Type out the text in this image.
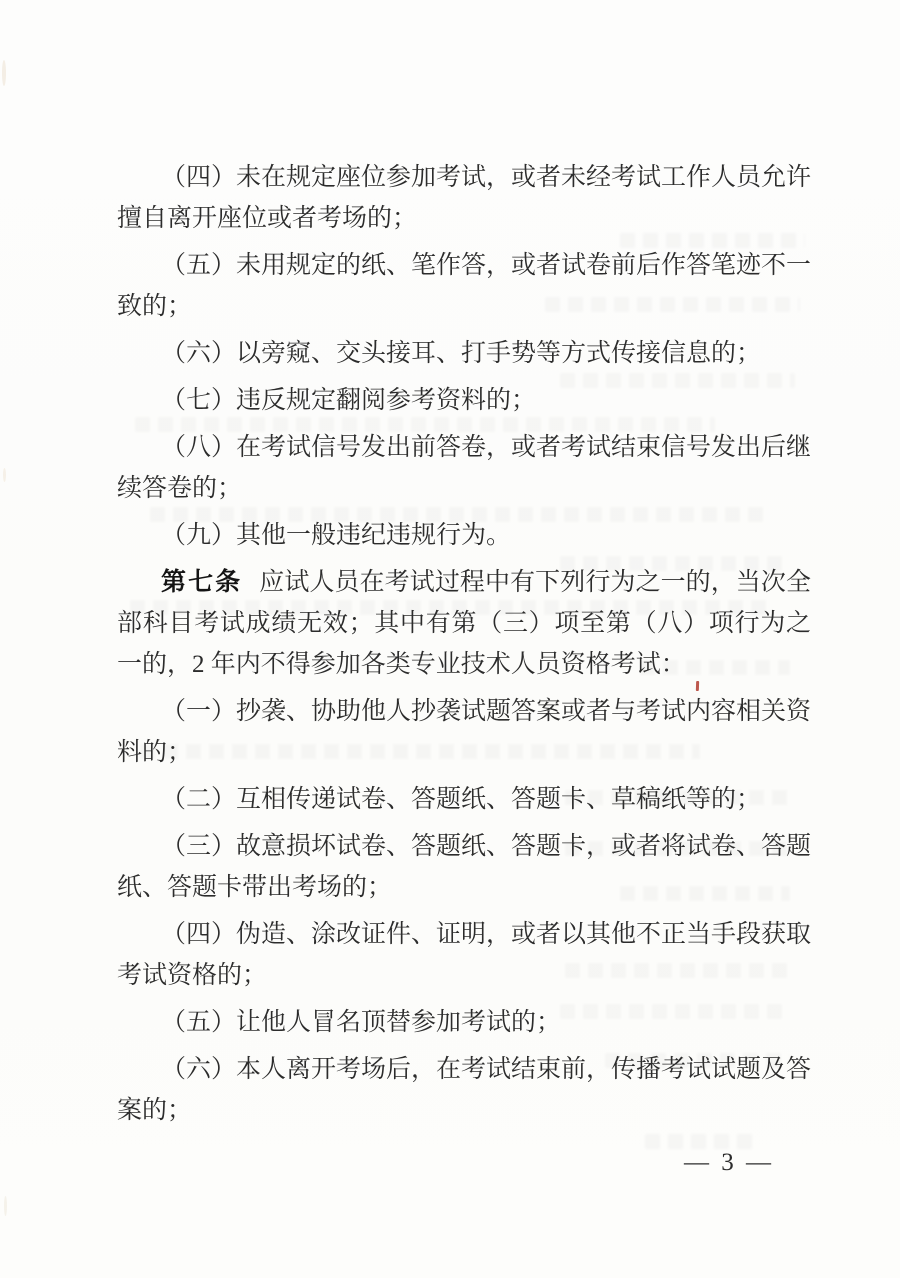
（四）未在规定座位参加考试，或者未经考试工作人员允许
擅自离开座位或者考场的；
（五）未用规定的纸、笔作答，或者试卷前后作答笔迹不一
致的；
（六）以旁窥、交头接耳、打手势等方式传接信息的；
（七）违反规定翻阅参考资料的；
（八）在考试信号发出前答卷，或者考试结束信号发出后继
续答卷的；
（九）其他一般违纪违规行为。
第七条 应试人员在考试过程中有下列行为之一的，当次全
部科目考试成绩无效；其中有第（三）项至第（八）项行为之
一的，2 年内不得参加各类专业技术人员资格考试：
（一）抄袭、协助他人抄袭试题答案或者与考试内容相关资
料的；
（二）互相传递试卷、答题纸、答题卡、草稿纸等的；
（三）故意损坏试卷、答题纸、答题卡，或者将试卷、答题
纸、答题卡带出考场的；
（四）伪造、涂改证件、证明，或者以其他不正当手段获取
考试资格的；
（五）让他人冒名顶替参加考试的；
（六）本人离开考场后，在考试结束前，传播考试试题及答
案的；
— 3 —
